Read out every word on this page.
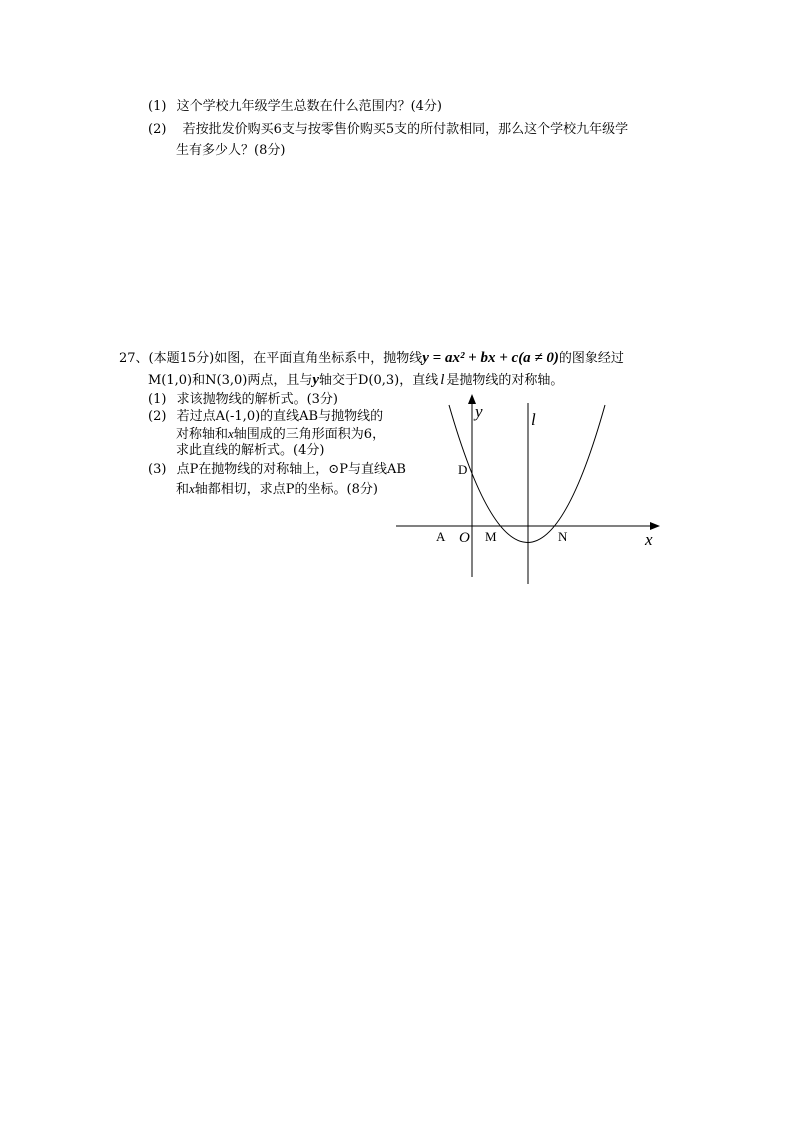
(1) 这个学校九年级学生总数在什么范围内？(4分)
(2) 若按批发价购买6支与按零售价购买5支的所付款相同，那么这个学校九年级学
生有多少人？(8分)
27、(本题15分)如图，在平面直角坐标系中，抛物线y = ax² + bx + c(a ≠ 0)的图象经过
M(1,0)和N(3,0)两点，且与y轴交于D(0,3)，直线 l 是抛物线的对称轴。
(1) 求该抛物线的解析式。(3分)
(2) 若过点A(-1,0)的直线AB与抛物线的
对称轴和x轴围成的三角形面积为6，
求此直线的解析式。(4分)
(3) 点P在抛物线的对称轴上，⊙P与直线AB
和x轴都相切，求点P的坐标。(8分)
y	l
D
A O M	N	x
